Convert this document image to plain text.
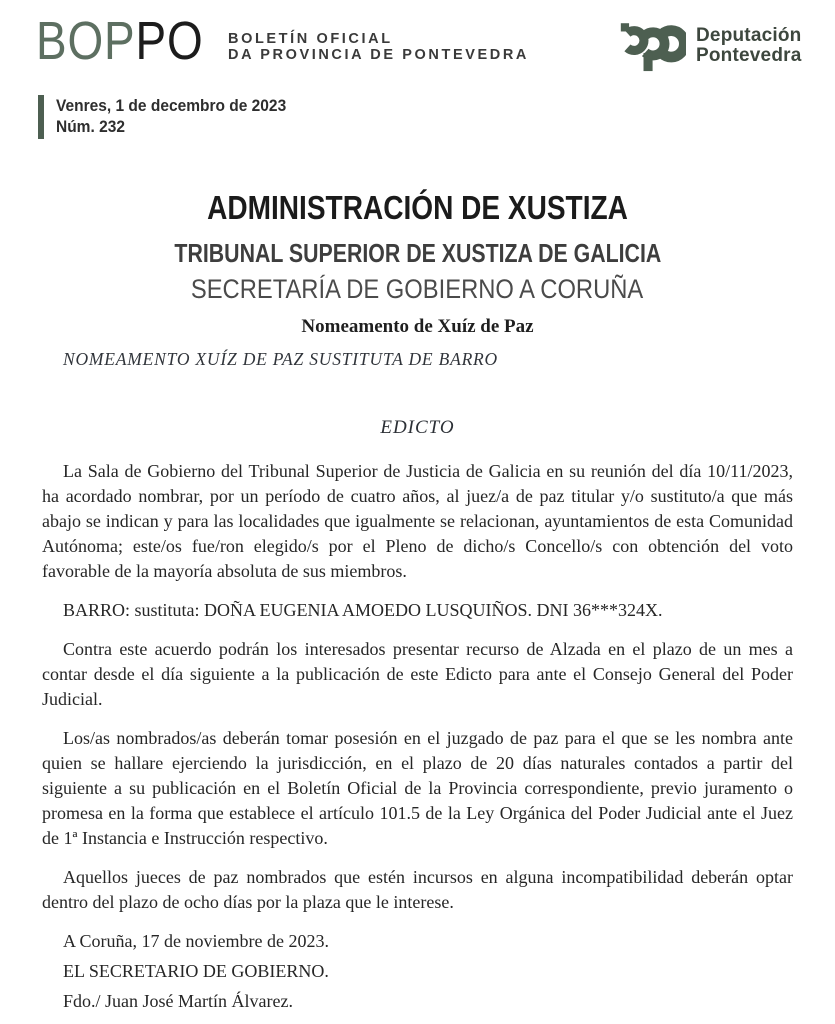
BOPPO BOLETÍN OFICIAL
DA PROVINCIA DE PONTEVEDRA
Deputación
Pontevedra
Venres, 1 de decembro de 2023
Núm. 232
ADMINISTRACIÓN DE XUSTIZA
TRIBUNAL SUPERIOR DE XUSTIZA DE GALICIA
SECRETARÍA DE GOBIERNO A CORUÑA
Nomeamento de Xuíz de Paz
NOMEAMENTO XUÍZ DE PAZ SUSTITUTA DE BARRO
EDICTO

La Sala de Gobierno del Tribunal Superior de Justicia de Galicia en su reunión del día 10/11/2023, ha acordado nombrar, por un período de cuatro años, al juez/a de paz titular y/o sustituto/a que más abajo se indican y para las localidades que igualmente se relacionan, ayuntamientos de esta Comunidad Autónoma; este/os fue/ron elegido/s por el Pleno de dicho/s Concello/s con obtención del voto favorable de la mayoría absoluta de sus miembros.

BARRO: sustituta: DOÑA EUGENIA AMOEDO LUSQUIÑOS. DNI 36***324X.

Contra este acuerdo podrán los interesados presentar recurso de Alzada en el plazo de un mes a contar desde el día siguiente a la publicación de este Edicto para ante el Consejo General del Poder Judicial.

Los/as nombrados/as deberán tomar posesión en el juzgado de paz para el que se les nombra ante quien se hallare ejerciendo la jurisdicción, en el plazo de 20 días naturales contados a partir del siguiente a su publicación en el Boletín Oficial de la Provincia correspondiente, previo juramento o promesa en la forma que establece el artículo 101.5 de la Ley Orgánica del Poder Judicial ante el Juez de 1ª Instancia e Instrucción respectivo.

Aquellos jueces de paz nombrados que estén incursos en alguna incompatibilidad deberán optar dentro del plazo de ocho días por la plaza que le interese.

A Coruña, 17 de noviembre de 2023.

EL SECRETARIO DE GOBIERNO.

Fdo./ Juan José Martín Álvarez.
